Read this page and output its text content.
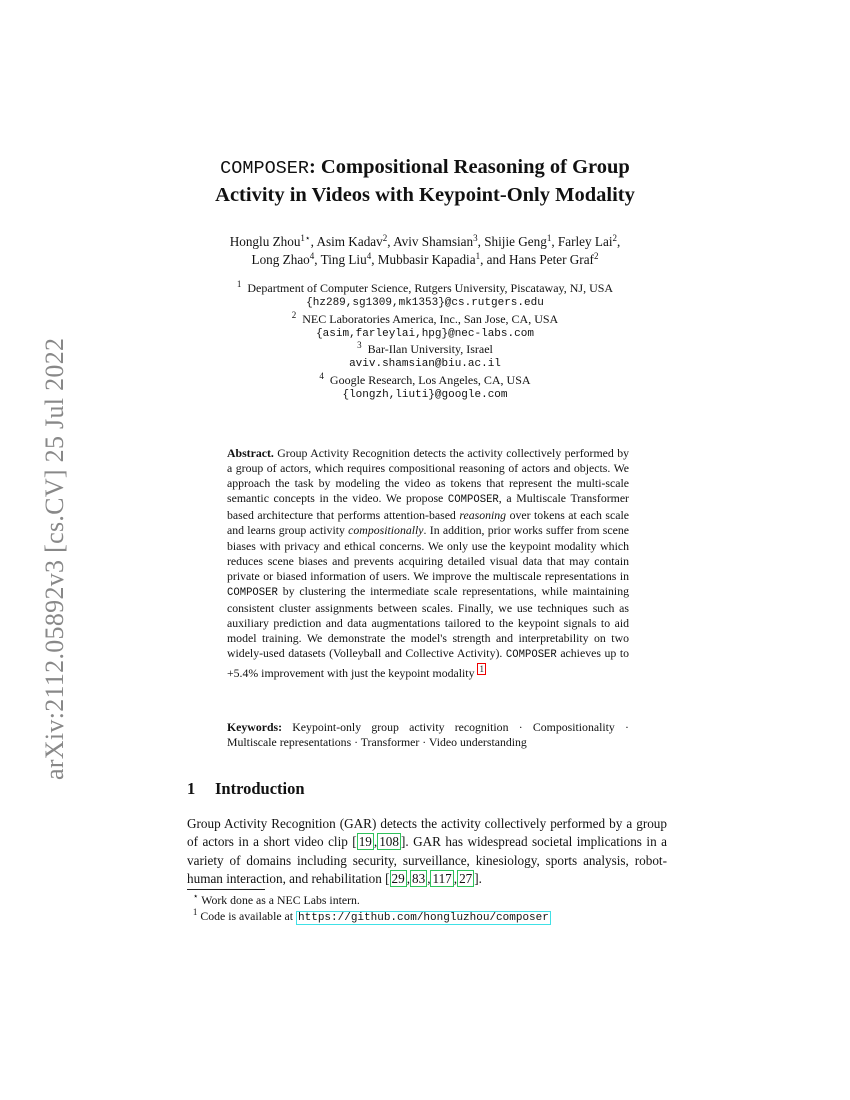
arXiv:2112.05892v3 [cs.CV] 25 Jul 2022
COMPOSER: Compositional Reasoning of Group
Activity in Videos with Keypoint-Only Modality
Honglu Zhou$^{1⋆}$, Asim Kadav$^2$, Aviv Shamsian$^3$, Shijie Geng$^1$, Farley Lai$^2$,
Long Zhao$^4$, Ting Liu$^4$, Mubbasir Kapadia$^1$, and Hans Peter Graf$^2$
$^1$ Department of Computer Science, Rutgers University, Piscataway, NJ, USA
{hz289,sg1309,mk1353}@cs.rutgers.edu
$^2$ NEC Laboratories America, Inc., San Jose, CA, USA
{asim,farleylai,hpg}@nec-labs.com
$^3$ Bar-Ilan University, Israel
aviv.shamsian@biu.ac.il
$^4$ Google Research, Los Angeles, CA, USA
{longzh,liuti}@google.com
Abstract. Group Activity Recognition detects the activity collectively performed by a group of actors, which requires compositional reasoning of actors and objects. We approach the task by modeling the video as tokens that represent the multi-scale semantic concepts in the video. We propose COMPOSER, a Multiscale Transformer based architecture that performs attention-based reasoning over tokens at each scale and learns group activity compositionally. In addition, prior works suffer from scene biases with privacy and ethical concerns. We only use the keypoint modality which reduces scene biases and prevents acquiring detailed visual data that may contain private or biased information of users. We improve the multiscale representations in COMPOSER by clustering the intermediate scale representations, while maintaining consistent cluster assignments between scales. Finally, we use techniques such as auxiliary prediction and data augmentations tailored to the keypoint signals to aid model training. We demonstrate the model's strength and interpretability on two widely-used datasets (Volleyball and Collective Activity). COMPOSER achieves up to +5.4% improvement with just the keypoint modality 1
Keywords: Keypoint-only group activity recognition · Compositionality · Multiscale representations · Transformer · Video understanding
1 Introduction
Group Activity Recognition (GAR) detects the activity collectively performed by a group of actors in a short video clip [ 19 , 108 ]. GAR has widespread societal implications in a variety of domains including security, surveillance, kinesiology, sports analysis, robot-human interaction, and rehabilitation [ 29 , 83 , 117 , 27 ].
⋆ Work done as a NEC Labs intern.
$^1$ Code is available at https://github.com/hongluzhou/composer
